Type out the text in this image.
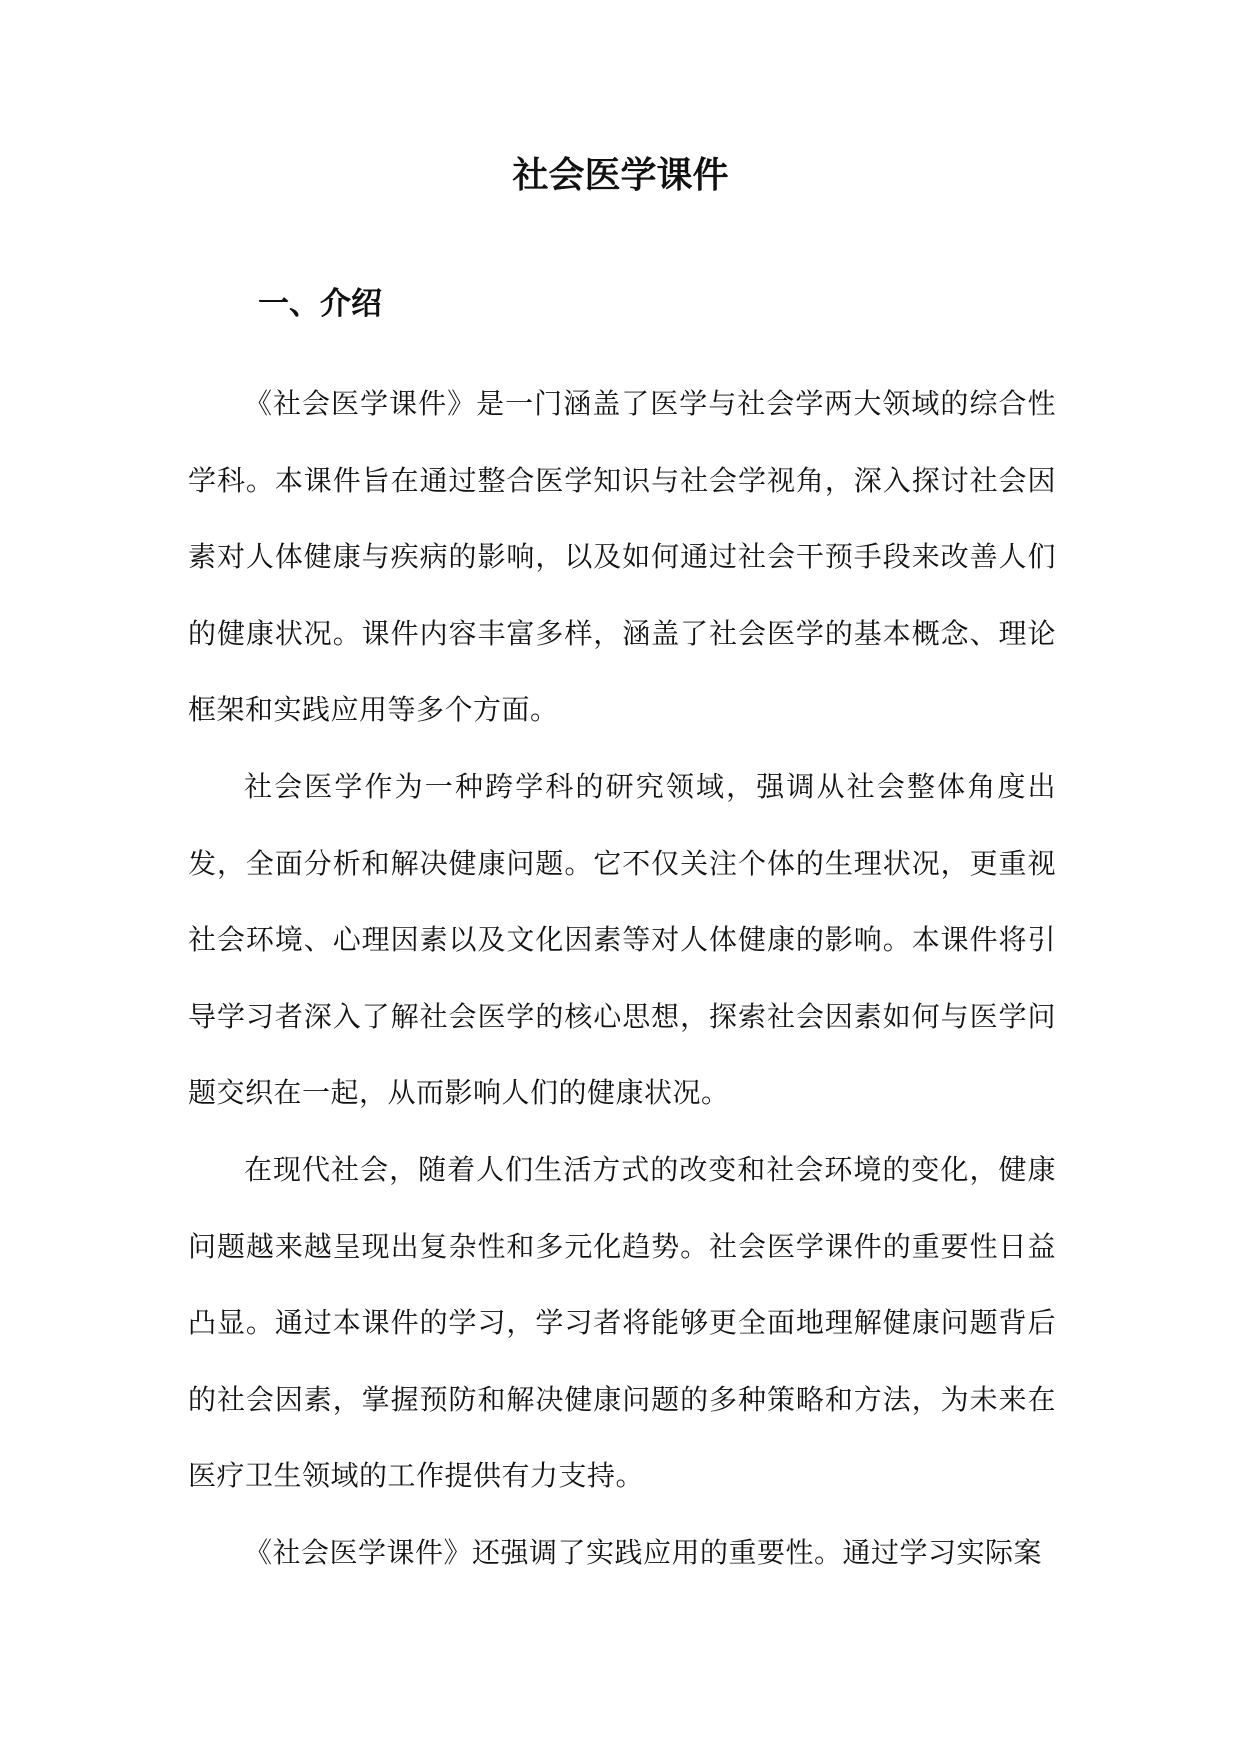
社会医学课件
一、介绍

《社会医学课件》是一门涵盖了医学与社会学两大领域的综合性学科。本课件旨在通过整合医学知识与社会学视角，深入探讨社会因素对人体健康与疾病的影响，以及如何通过社会干预手段来改善人们的健康状况。课件内容丰富多样，涵盖了社会医学的基本概念、理论框架和实践应用等多个方面。

社会医学作为一种跨学科的研究领域，强调从社会整体角度出发，全面分析和解决健康问题。它不仅关注个体的生理状况，更重视社会环境、心理因素以及文化因素等对人体健康的影响。本课件将引导学习者深入了解社会医学的核心思想，探索社会因素如何与医学问题交织在一起，从而影响人们的健康状况。

在现代社会，随着人们生活方式的改变和社会环境的变化，健康问题越来越呈现出复杂性和多元化趋势。社会医学课件的重要性日益凸显。通过本课件的学习，学习者将能够更全面地理解健康问题背后的社会因素，掌握预防和解决健康问题的多种策略和方法，为未来在医疗卫生领域的工作提供有力支持。

《社会医学课件》还强调了实践应用的重要性。通过学习实际案
